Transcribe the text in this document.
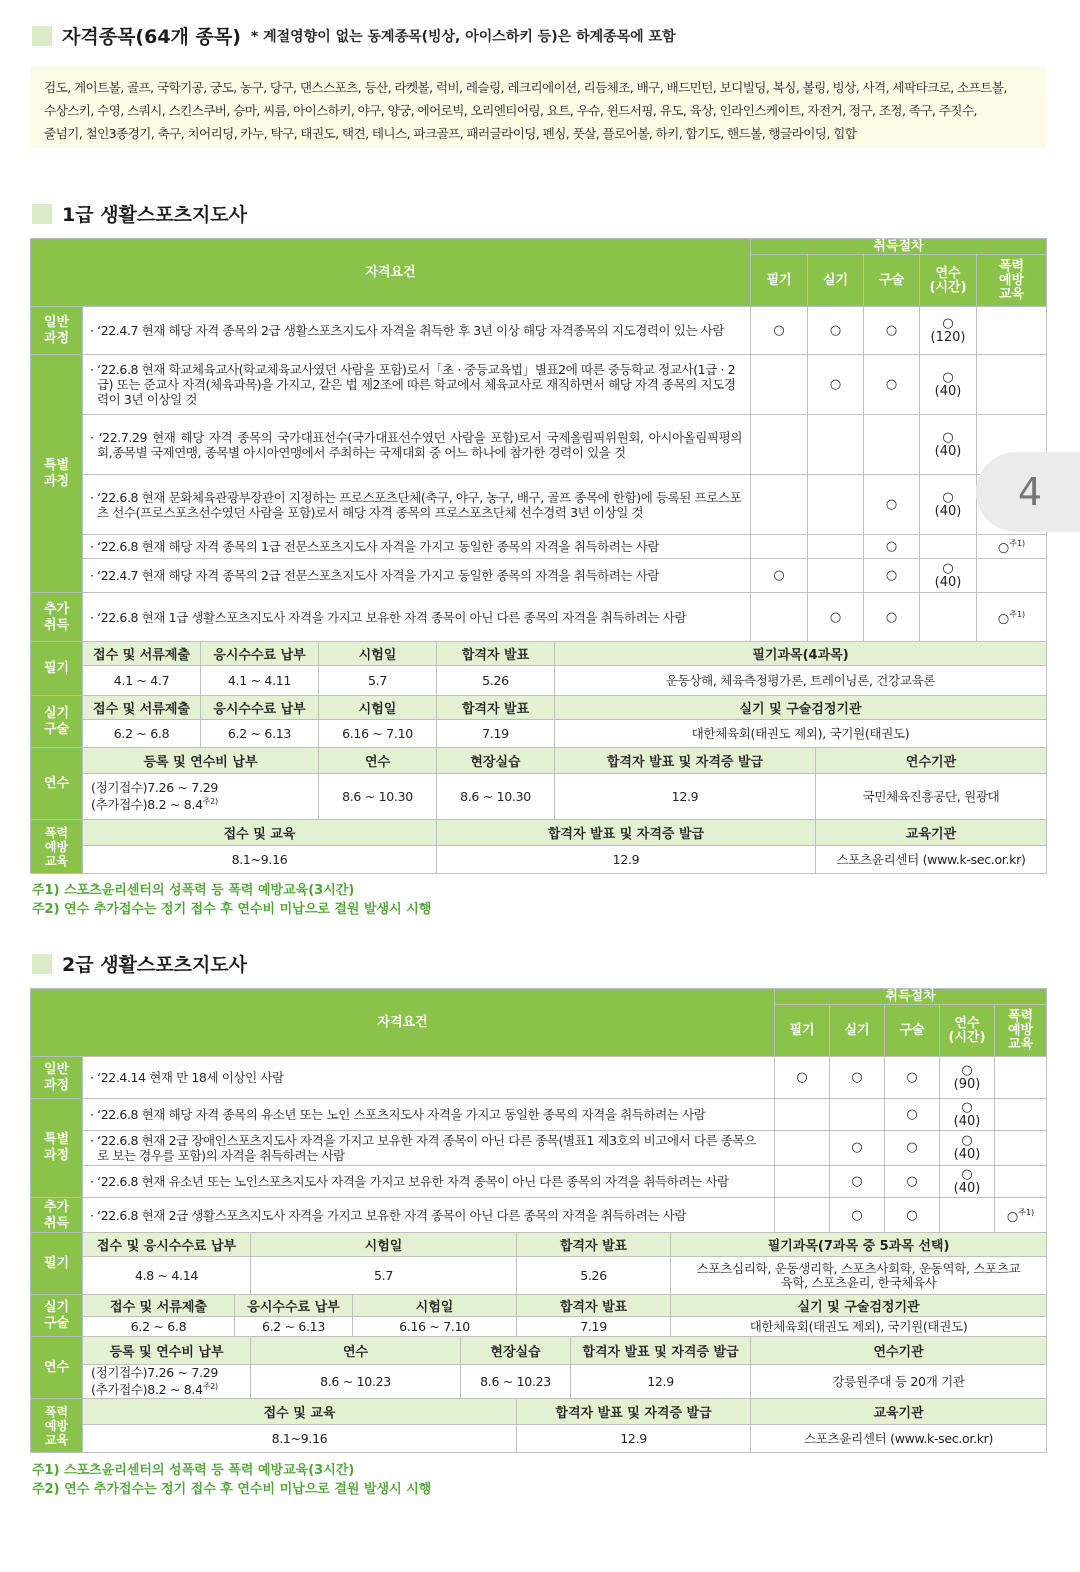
자격종목(64개 종목) * 계절영향이 없는 동계종목(빙상, 아이스하키 등)은 하계종목에 포함
검도, 게이트볼, 골프, 국학기공, 궁도, 농구, 당구, 댄스스포츠, 등산, 라켓볼, 럭비, 레슬링, 레크리에이션, 리듬체조, 배구, 배드민턴, 보디빌딩, 복싱, 볼링, 빙상, 사격, 세팍타크로, 소프트볼,
수상스키, 수영, 스쿼시, 스킨스쿠버, 승마, 씨름, 아이스하키, 야구, 양궁, 에어로빅, 오리엔티어링, 요트, 우슈, 윈드서핑, 유도, 육상, 인라인스케이트, 자전거, 정구, 조정, 족구, 주짓수,
줄넘기, 철인3종경기, 축구, 치어리딩, 카누, 탁구, 태권도, 택견, 테니스, 파크골프, 패러글라이딩, 펜싱, 풋살, 플로어볼, 하키, 합기도, 핸드볼, 행글라이딩, 힙합
1급 생활스포츠지도사
자격요건		취득절차				
		필기	실기	구술	연수
(시간)	폭력
예방
교육
일반
과정	· ‘22.4.7 현재 해당 자격 종목의 2급 생활스포츠지도사 자격을 취득한 후 3년 이상 해당 자격종목의 지도경력이 있는 사람	○	○	○	○
(120)	
특별
과정	· ‘22.6.8 현재 학교체육교사(학교체육교사였던 사람을 포함)로서「초 · 중등교육법」별표2에 따른 중등학교 정교사(1급 · 2급) 또는 준교사 자격(체육과목)을 가지고, 같은 법 제2조에 따른 학교에서 체육교사로 재직하면서 해당 자격 종목의 지도경력이 3년 이상일 것		○	○	○
(40)	
	· ‘22.7.29 현재 해당 자격 종목의 국가대표선수(국가대표선수였던 사람을 포함)로서 국제올림픽위원회, 아시아올림픽평의회,종목별 국제연맹, 종목별 아시아연맹에서 주최하는 국제대회 중 어느 하나에 참가한 경력이 있을 것				○
(40)	
	· ‘22.6.8 현재 문화체육관광부장관이 지정하는 프로스포츠단체(축구, 야구, 농구, 배구, 골프 종목에 한함)에 등록된 프로스포츠 선수(프로스포츠선수였던 사람을 포함)로서 해당 자격 종목의 프로스포츠단체 선수경력 3년 이상일 것			○	○
(40)	
	· ‘22.6.8 현재 해당 자격 종목의 1급 전문스포츠지도사 자격을 가지고 동일한 종목의 자격을 취득하려는 사람			○		○$^{주1)}$
	· ‘22.4.7 현재 해당 자격 종목의 2급 전문스포츠지도사 자격을 가지고 동일한 종목의 자격을 취득하려는 사람	○		○	○
(40)	
추가
취득	· ‘22.6.8 현재 1급 생활스포츠지도사 자격을 가지고 보유한 자격 종목이 아닌 다른 종목의 자격을 취득하려는 사람		○	○		○$^{주1)}$
필기	접수 및 서류제출	응시수수료 납부	시험일	합격자 발표	필기과목(4과목)	
	4.1 ~ 4.7	4.1 ~ 4.11	5.7	5.26	운동상해, 체육측정평가론, 트레이닝론, 건강교육론	
실기
구술	접수 및 서류제출	응시수수료 납부	시험일	합격자 발표	실기 및 구술검정기관	
	6.2 ~ 6.8	6.2 ~ 6.13	6.16 ~ 7.10	7.19	대한체육회(태권도 제외), 국기원(태권도)	
연수	등록 및 연수비 납부		연수	현장실습	합격자 발표 및 자격증 발급	연수기관
	(정기접수)7.26 ~ 7.29
(추가접수)8.2 ~ $8.4^{주2)}$		8.6 ~ 10.30	8.6 ~ 10.30	12.9	국민체육진흥공단, 원광대
폭력
예방
교육	접수 및 교육			합격자 발표 및 자격증 발급		교육기관
	8.1~9.16			12.9		스포츠윤리센터 (www.k-sec.or.kr)
주1) 스포츠윤리센터의 성폭력 등 폭력 예방교육(3시간)
주2) 연수 추가접수는 정기 접수 후 연수비 미납으로 결원 발생시 시행
2급 생활스포츠지도사
자격요건		취득절차				
		필기	실기	구술	연수
(시간)	폭력
예방
교육
일반
과정	· ‘22.4.14 현재 만 18세 이상인 사람	○	○	○	○
(90)	
특별
과정	· ‘22.6.8 현재 해당 자격 종목의 유소년 또는 노인 스포츠지도사 자격을 가지고 동일한 종목의 자격을 취득하려는 사람			○	○
(40)	
	· ‘22.6.8 현재 2급 장애인스포츠지도사 자격을 가지고 보유한 자격 종목이 아닌 다른 종목(별표1 제3호의 비고에서 다른 종목으로 보는 경우를 포함)의 자격을 취득하려는 사람		○	○	○
(40)	
	· ‘22.6.8 현재 유소년 또는 노인스포츠지도사 자격을 가지고 보유한 자격 종목이 아닌 다른 종목의 자격을 취득하려는 사람		○	○	○
(40)	
추가
취득	· ‘22.6.8 현재 2급 생활스포츠지도사 자격을 가지고 보유한 자격 종목이 아닌 다른 종목의 자격을 취득하려는 사람		○	○		○$^{주1)}$
필기	접수 및 응시수수료 납부		시험일			합격자 발표		필기과목(7과목 중 5과목 선택)	
	4.8 ~ 4.14		5.7			5.26		스포츠심리학, 운동생리학, 스포츠사회학, 운동역학, 스포츠교육학, 스포츠윤리, 한국체육사	
실기
구술	접수 및 서류제출	응시수수료 납부		시험일		합격자 발표		실기 및 구술검정기관	
	6.2 ~ 6.8	6.2 ~ 6.13		6.16 ~ 7.10		7.19		대한체육회(태권도 제외), 국기원(태권도)	
연수	등록 및 연수비 납부		연수		현장실습		합격자 발표 및 자격증 발급		연수기관
	(정기접수)7.26 ~ 7.29
(추가접수)8.2 ~ $8.4^{주2)}$		8.6 ~ 10.23		8.6 ~ 10.23		12.9		강릉원주대 등 20개 기관
폭력
예방
교육	접수 및 교육					합격자 발표 및 자격증 발급			교육기관
	8.1~9.16					12.9			스포츠윤리센터 (www.k-sec.or.kr)
주1) 스포츠윤리센터의 성폭력 등 폭력 예방교육(3시간)
주2) 연수 추가접수는 정기 접수 후 연수비 미납으로 결원 발생시 시행
4
